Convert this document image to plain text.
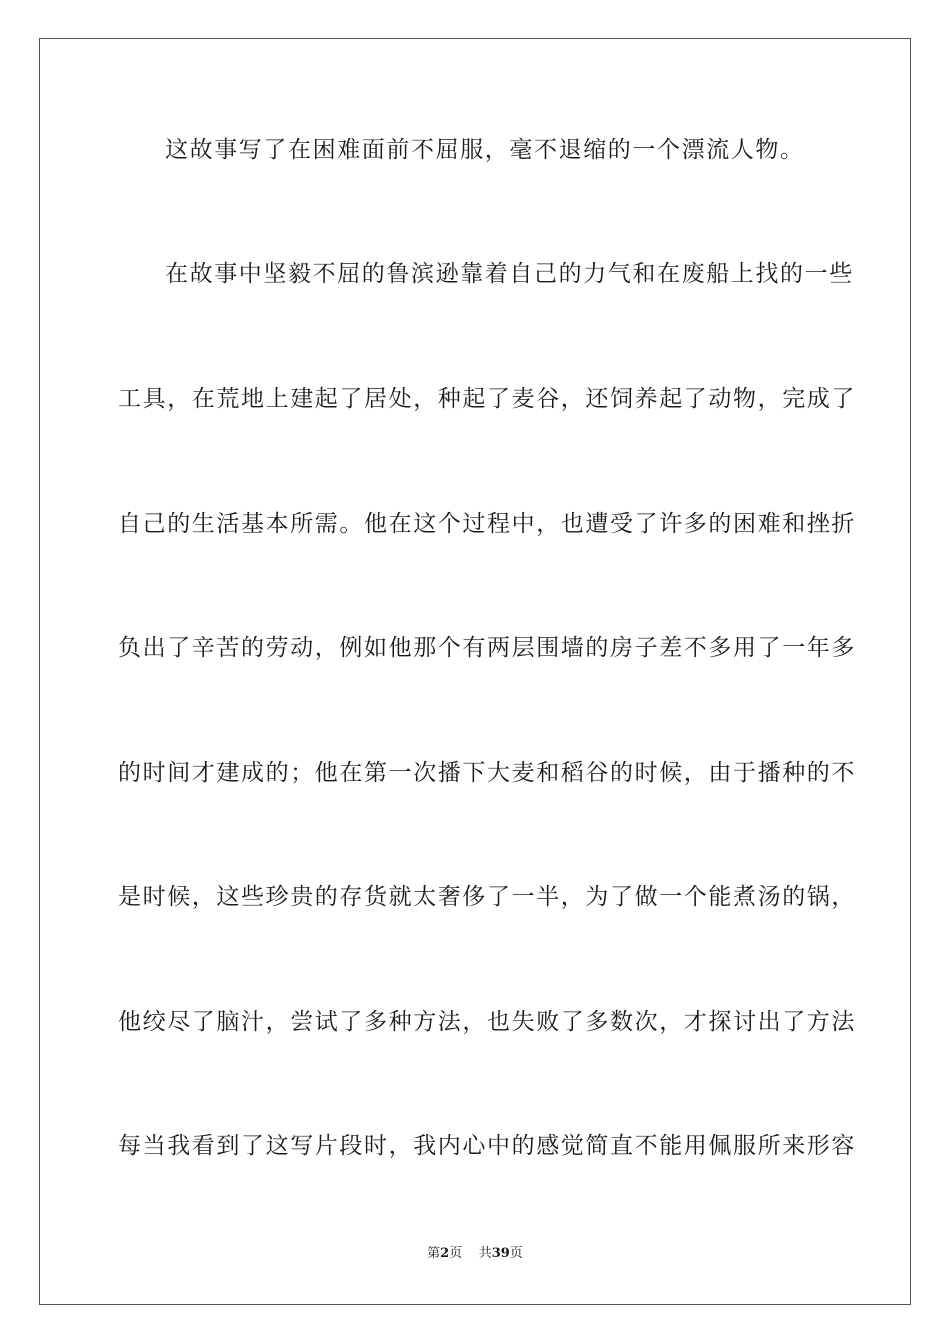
这故事写了在困难面前不屈服，毫不退缩的一个漂流人物。
在故事中坚毅不屈的鲁滨逊靠着自己的力气和在废船上找的一些
工具，在荒地上建起了居处，种起了麦谷，还饲养起了动物，完成了
自己的生活基本所需。他在这个过程中，也遭受了许多的困难和挫折
负出了辛苦的劳动，例如他那个有两层围墙的房子差不多用了一年多
的时间才建成的；他在第一次播下大麦和稻谷的时候，由于播种的不
是时候，这些珍贵的存货就太奢侈了一半，为了做一个能煮汤的锅，
他绞尽了脑汁，尝试了多种方法，也失败了多数次，才探讨出了方法
每当我看到了这写片段时，我内心中的感觉简直不能用佩服所来形容
第2页 共39页
